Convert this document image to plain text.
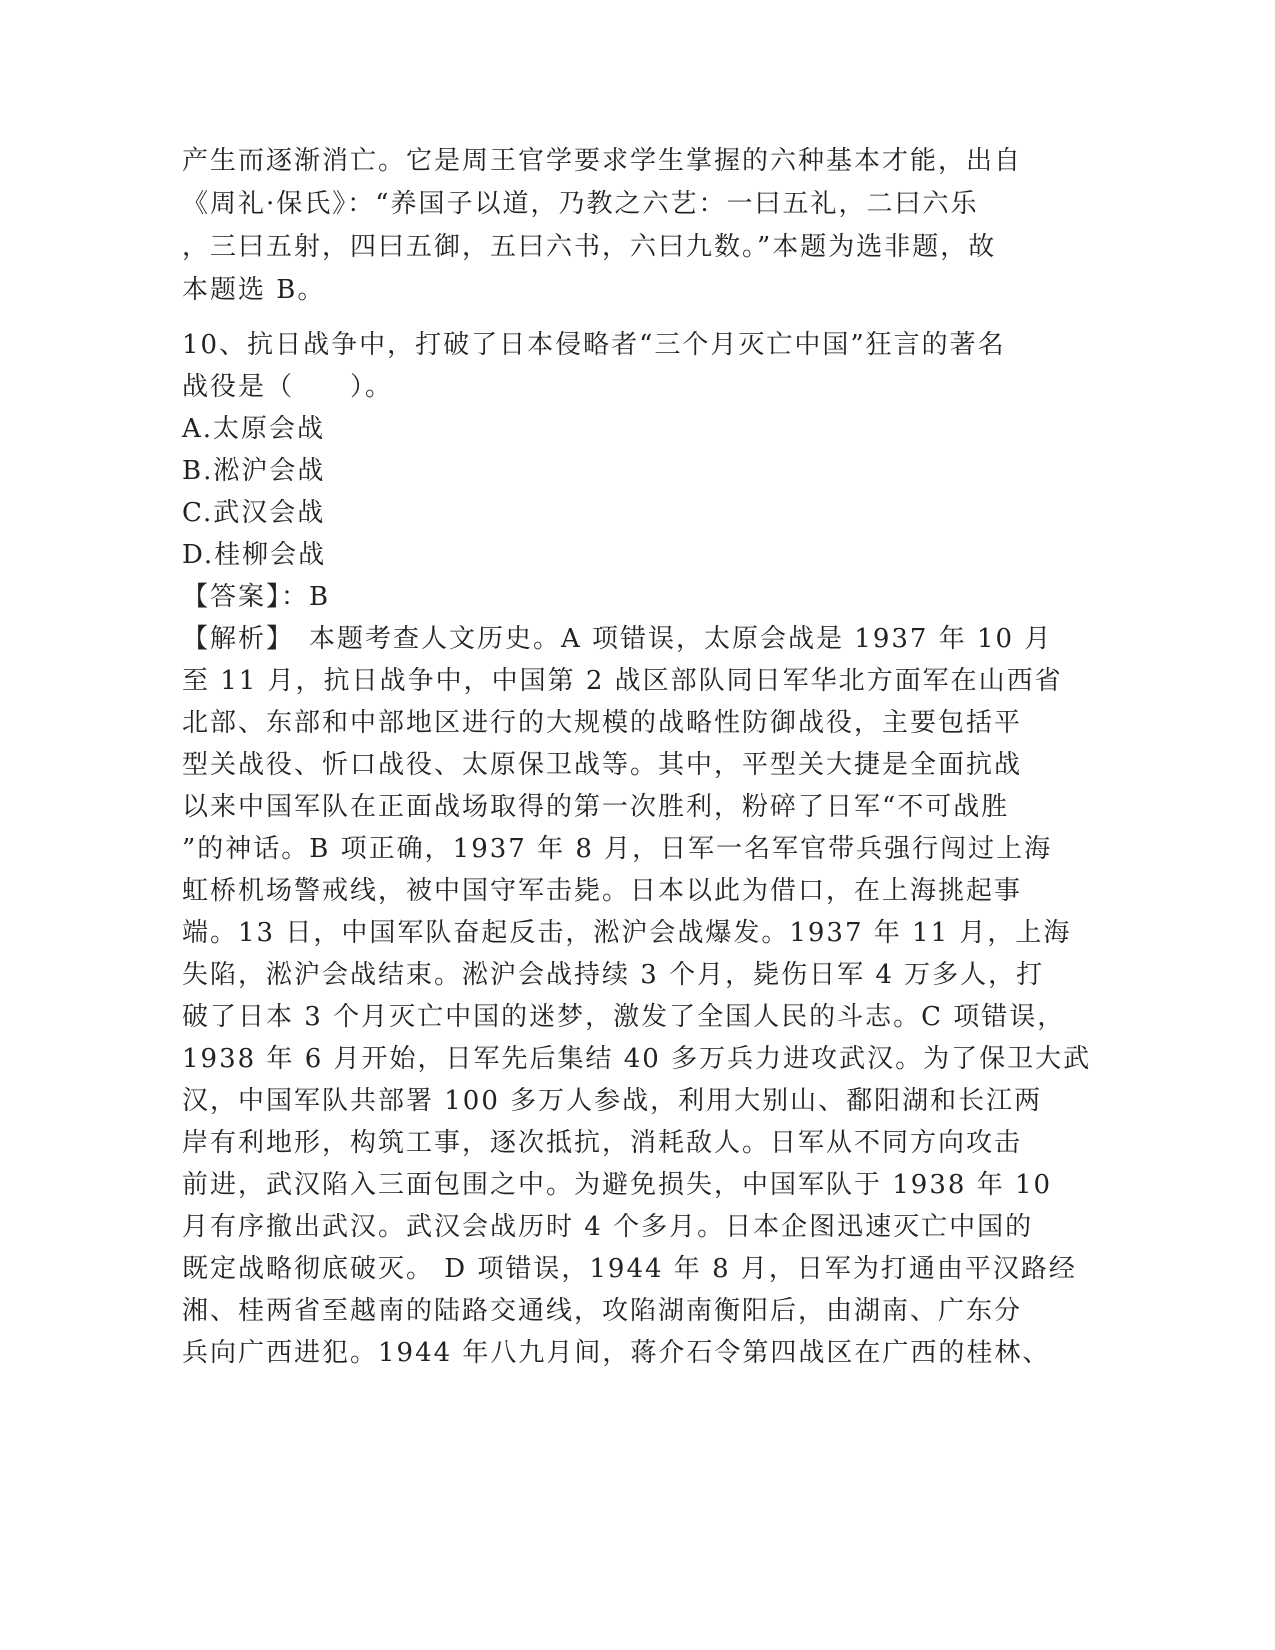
产生而逐渐消亡。它是周王官学要求学生掌握的六种基本才能，出自
《周礼·保氏》：“养国子以道，乃教之六艺：一曰五礼，二曰六乐
，三曰五射，四曰五御，五曰六书，六曰九数。”本题为选非题，故
本题选 B。
10、抗日战争中，打破了日本侵略者“三个月灭亡中国”狂言的著名
战役是（　　）。
A.太原会战
B.淞沪会战
C.武汉会战
D.桂柳会战
【答案】：B
【解析】　本题考查人文历史。A 项错误，太原会战是 1937 年 10 月
至 11 月，抗日战争中，中国第 2 战区部队同日军华北方面军在山西省
北部、东部和中部地区进行的大规模的战略性防御战役，主要包括平
型关战役、忻口战役、太原保卫战等。其中，平型关大捷是全面抗战
以来中国军队在正面战场取得的第一次胜利，粉碎了日军“不可战胜
”的神话。B 项正确，1937 年 8 月，日军一名军官带兵强行闯过上海
虹桥机场警戒线，被中国守军击毙。日本以此为借口，在上海挑起事
端。13 日，中国军队奋起反击，淞沪会战爆发。1937 年 11 月，上海
失陷，淞沪会战结束。淞沪会战持续 3 个月，毙伤日军 4 万多人，打
破了日本 3 个月灭亡中国的迷梦，激发了全国人民的斗志。C 项错误，
1938 年 6 月开始，日军先后集结 40 多万兵力进攻武汉。为了保卫大武
汉，中国军队共部署 100 多万人参战，利用大别山、鄱阳湖和长江两
岸有利地形，构筑工事，逐次抵抗，消耗敌人。日军从不同方向攻击
前进，武汉陷入三面包围之中。为避免损失，中国军队于 1938 年 10
月有序撤出武汉。武汉会战历时 4 个多月。日本企图迅速灭亡中国的
既定战略彻底破灭。 D 项错误，1944 年 8 月，日军为打通由平汉路经
湘、桂两省至越南的陆路交通线，攻陷湖南衡阳后，由湖南、广东分
兵向广西进犯。1944 年八九月间，蒋介石令第四战区在广西的桂林、
